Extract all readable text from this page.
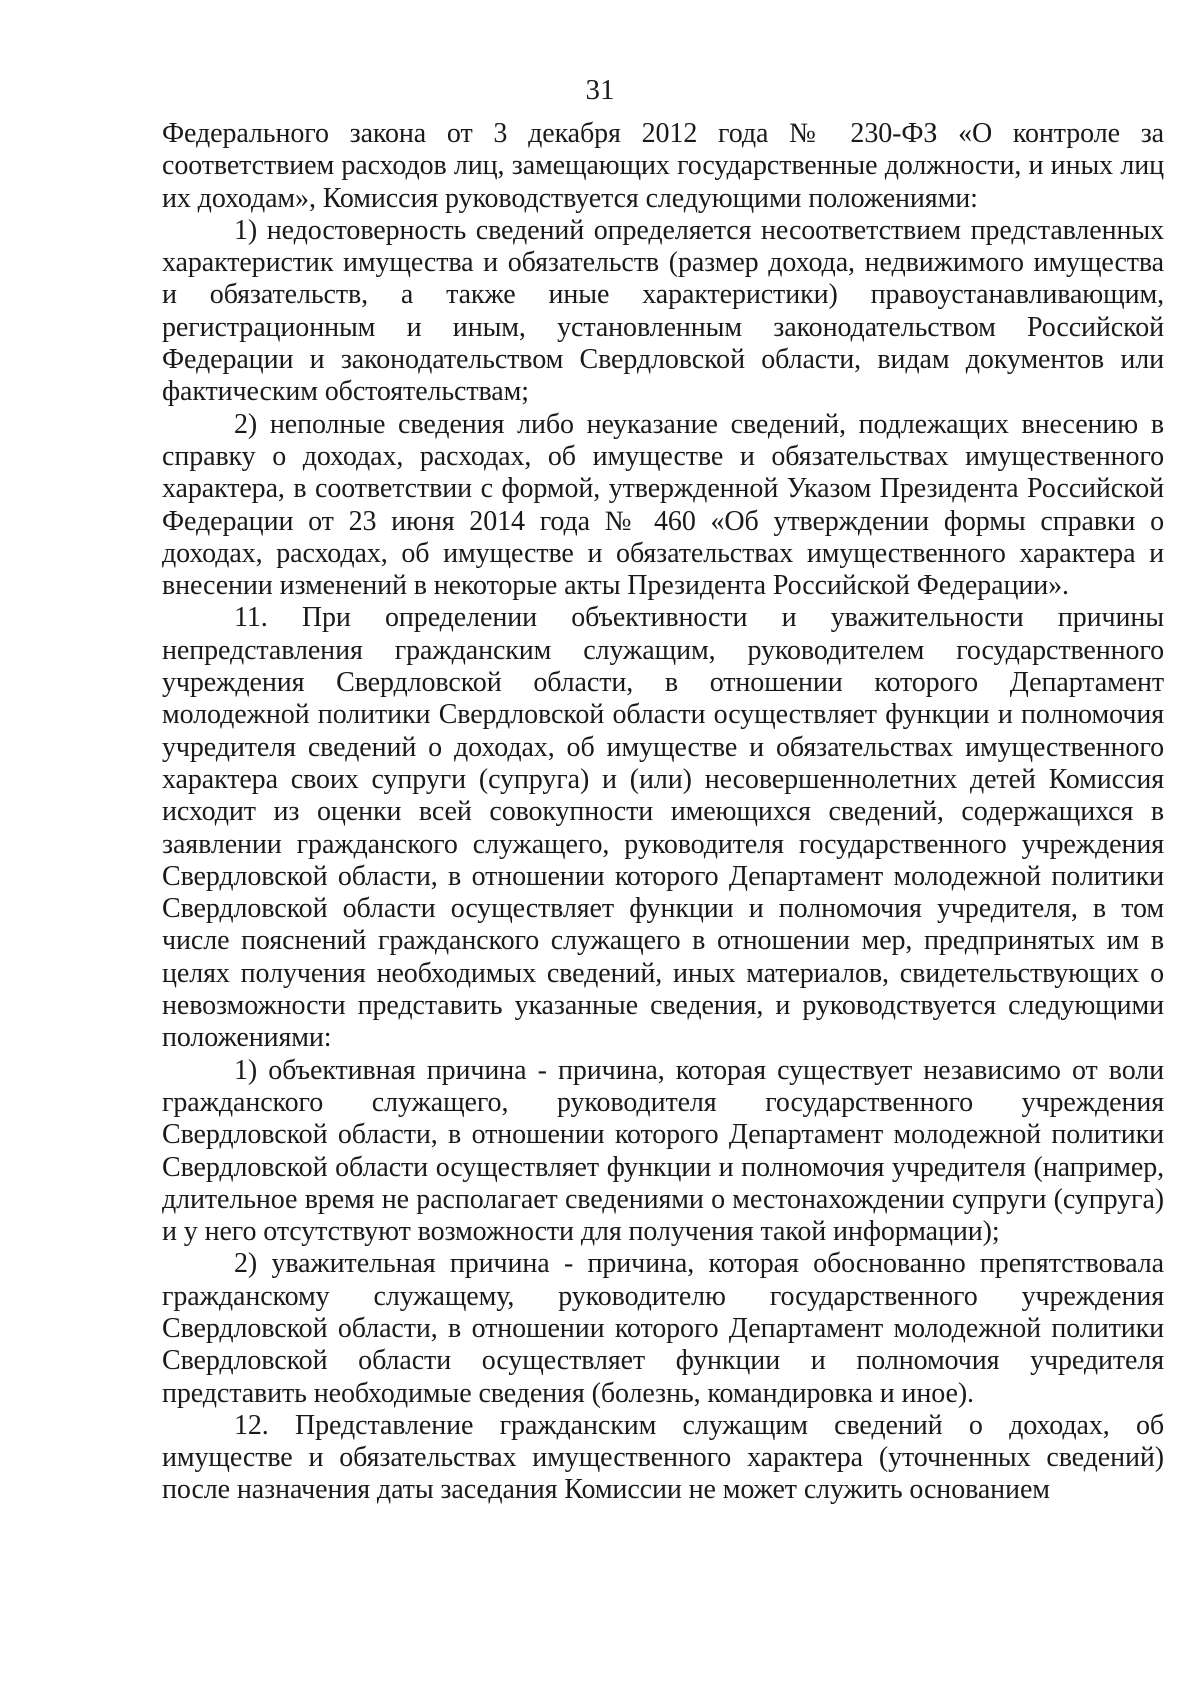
31

Федерального закона от 3 декабря 2012 года № 230-ФЗ «О контроле за соответствием расходов лиц, замещающих государственные должности, и иных лиц их доходам», Комиссия руководствуется следующими положениями:

1) недостоверность сведений определяется несоответствием представленных характеристик имущества и обязательств (размер дохода, недвижимого имущества и обязательств, а также иные характеристики) правоустанавливающим, регистрационным и иным, установленным законодательством Российской Федерации и законодательством Свердловской области, видам документов или фактическим обстоятельствам;

2) неполные сведения либо неуказание сведений, подлежащих внесению в справку о доходах, расходах, об имуществе и обязательствах имущественного характера, в соответствии с формой, утвержденной Указом Президента Российской Федерации от 23 июня 2014 года № 460 «Об утверждении формы справки о доходах, расходах, об имуществе и обязательствах имущественного характера и внесении изменений в некоторые акты Президента Российской Федерации».

11. При определении объективности и уважительности причины непредставления гражданским служащим, руководителем государственного учреждения Свердловской области, в отношении которого Департамент молодежной политики Свердловской области осуществляет функции и полномочия учредителя сведений о доходах, об имуществе и обязательствах имущественного характера своих супруги (супруга) и (или) несовершеннолетних детей Комиссия исходит из оценки всей совокупности имеющихся сведений, содержащихся в заявлении гражданского служащего, руководителя государственного учреждения Свердловской области, в отношении которого Департамент молодежной политики Свердловской области осуществляет функции и полномочия учредителя, в том числе пояснений гражданского служащего в отношении мер, предпринятых им в целях получения необходимых сведений, иных материалов, свидетельствующих о невозможности представить указанные сведения, и руководствуется следующими положениями:

1) объективная причина - причина, которая существует независимо от воли гражданского служащего, руководителя государственного учреждения Свердловской области, в отношении которого Департамент молодежной политики Свердловской области осуществляет функции и полномочия учредителя (например, длительное время не располагает сведениями о местонахождении супруги (супруга) и у него отсутствуют возможности для получения такой информации);

2) уважительная причина - причина, которая обоснованно препятствовала гражданскому служащему, руководителю государственного учреждения Свердловской области, в отношении которого Департамент молодежной политики Свердловской области осуществляет функции и полномочия учредителя представить необходимые сведения (болезнь, командировка и иное).

12. Представление гражданским служащим сведений о доходах, об имуществе и обязательствах имущественного характера (уточненных сведений) после назначения даты заседания Комиссии не может служить основанием
